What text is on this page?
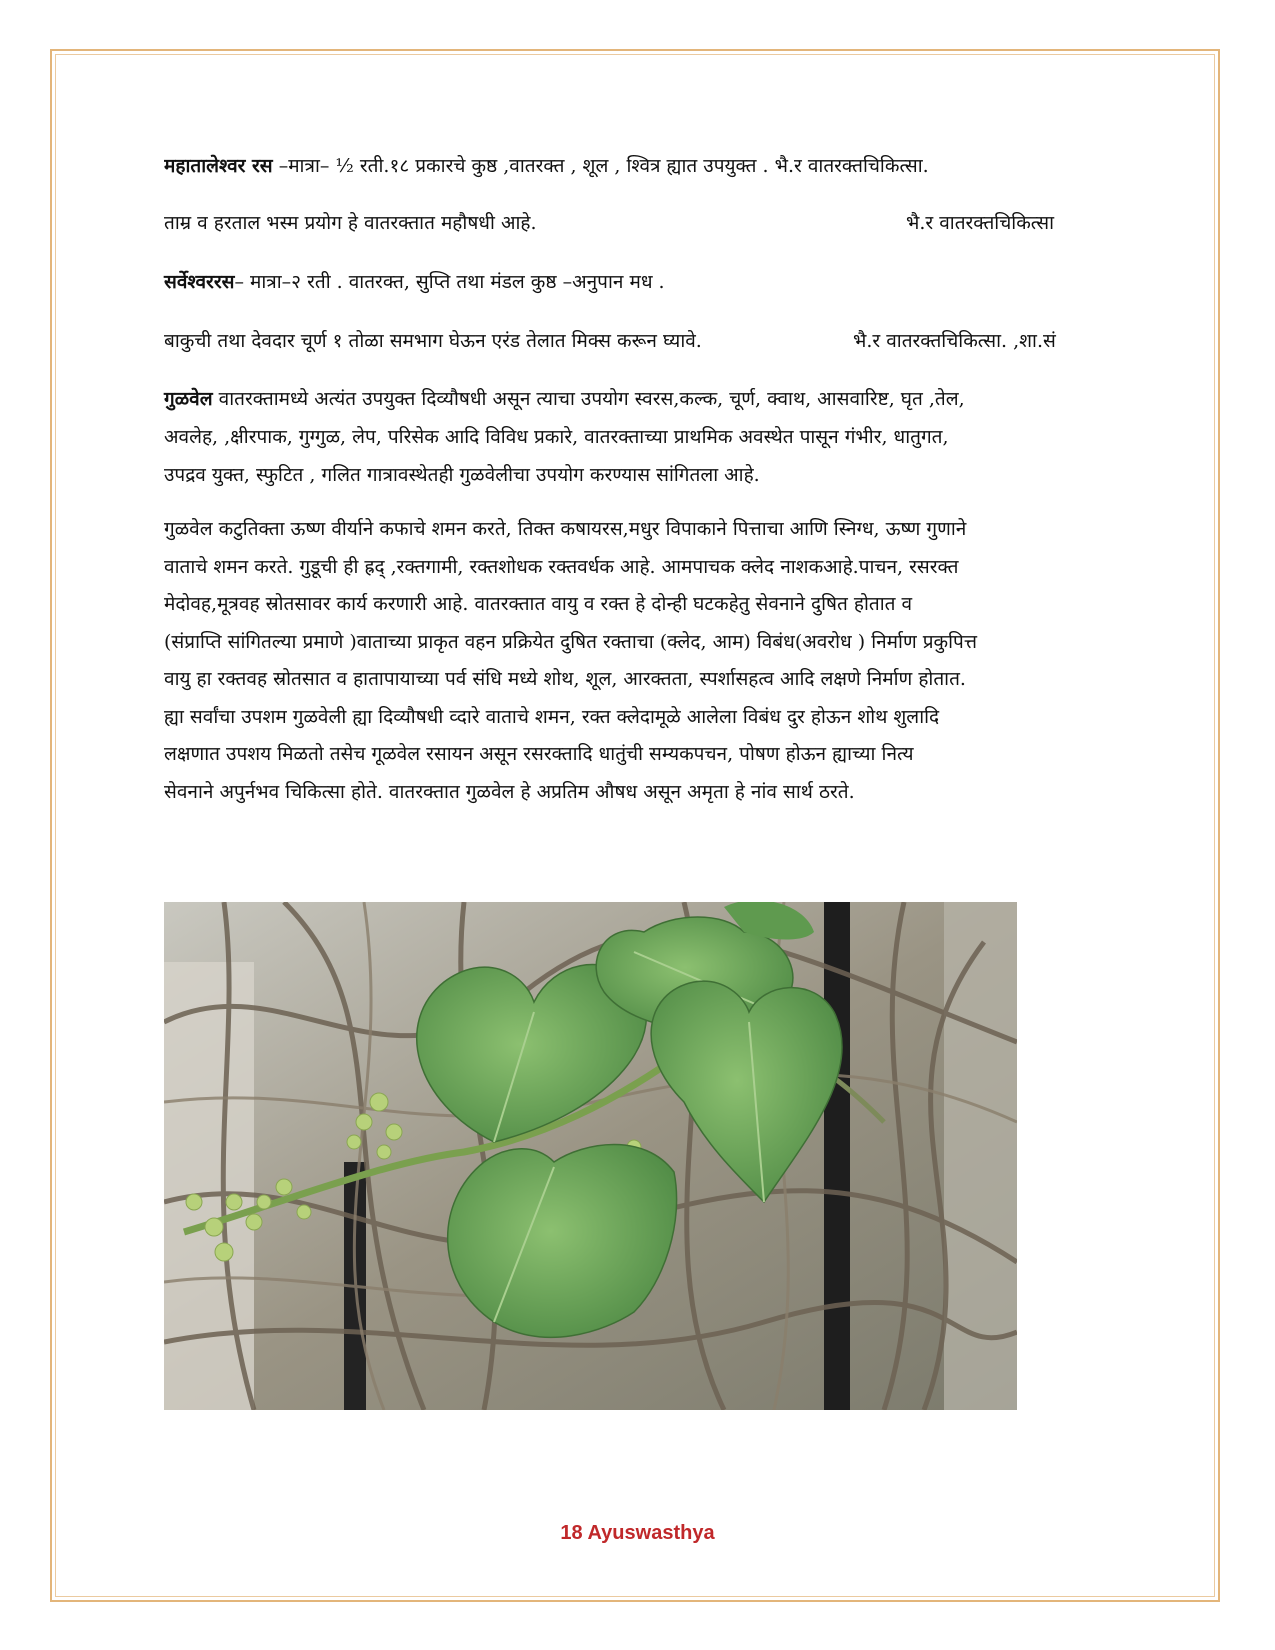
महातालेश्वर रस –मात्रा– ½ रती.१८ प्रकारचे कुष्ठ ,वातरक्त , शूल , श्वित्र ह्यात उपयुक्त . भै.र वातरक्तचिकित्सा.
ताम्र व हरताल भस्म प्रयोग हे वातरक्तात महौषधी आहे.	भै.र वातरक्तचिकित्सा
सर्वेश्वररस– मात्रा–२ रती . वातरक्त, सुप्ति तथा मंडल कुष्ठ –अनुपान मध .
बाकुची तथा देवदार चूर्ण १ तोळा समभाग घेऊन एरंड तेलात मिक्स करून घ्यावे.	भै.र वातरक्तचिकित्सा. ,शा.सं
गुळवेल वातरक्तामध्ये अत्यंत उपयुक्त दिव्यौषधी असून त्याचा उपयोग स्वरस,कल्क, चूर्ण, क्वाथ, आसवारिष्ट, घृत ,तेल,
अवलेह, ,क्षीरपाक, गुग्गुळ, लेप, परिसेक आदि विविध प्रकारे, वातरक्ताच्या प्राथमिक अवस्थेत पासून गंभीर, धातुगत,
उपद्रव युक्त, स्फुटित , गलित गात्रावस्थेतही गुळवेलीचा उपयोग करण्यास सांगितला आहे.
गुळवेल कटुतिक्ता ऊष्ण वीर्याने कफाचे शमन करते, तिक्त कषायरस,मधुर विपाकाने पित्ताचा आणि स्निग्ध, ऊष्ण गुणाने
वाताचे शमन करते. गुडूची ही ह्रद् ,रक्तगामी, रक्तशोधक रक्तवर्धक आहे. आमपाचक क्लेद नाशकआहे.पाचन, रसरक्त
मेदोवह,मूत्रवह स्रोतसावर कार्य करणारी आहे. वातरक्तात वायु व रक्त हे दोन्ही घटकहेतु सेवनाने दुषित होतात व
(संप्राप्ति सांगितल्या प्रमाणे )वाताच्या प्राकृत वहन प्रक्रियेत दुषित रक्ताचा (क्लेद, आम) विबंध(अवरोध ) निर्माण प्रकुपित्त
वायु हा रक्तवह स्रोतसात व हातापायाच्या पर्व संधि मध्ये शोथ, शूल, आरक्तता, स्पर्शासहत्व आदि लक्षणे निर्माण होतात.
ह्या सर्वांचा उपशम गुळवेली ह्या दिव्यौषधी व्दारे वाताचे शमन, रक्त क्लेदामूळे आलेला विबंध दुर होऊन शोथ शुलादि
लक्षणात उपशय मिळतो तसेच गूळवेल रसायन असून रसरक्तादि धातुंची सम्यकपचन, पोषण होऊन ह्याच्या नित्य
सेवनाने अपुर्नभव चिकित्सा होते. वातरक्तात गुळवेल हे अप्रतिम औषध असून अमृता हे नांव सार्थ ठरते.
18 Ayuswasthya
